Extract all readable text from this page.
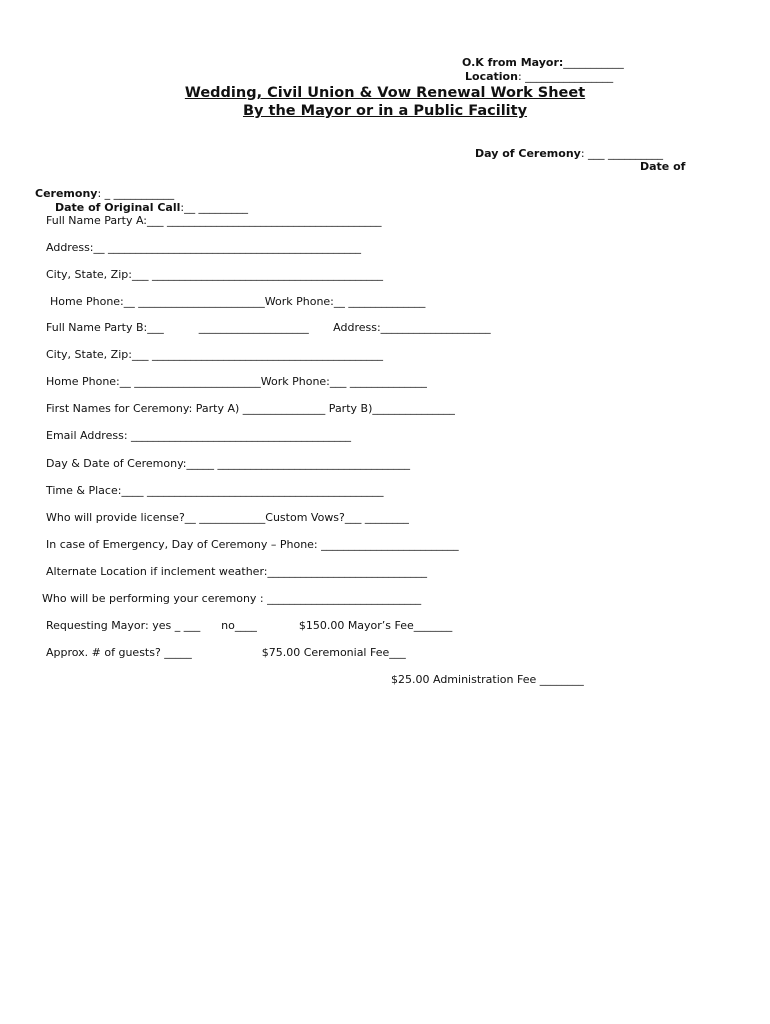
O.K from Mayor:___________

Location: ________________

Wedding, Civil Union & Vow Renewal Work Sheet
By the Mayor or in a Public Facility

Day of Ceremony: ___ __________

Date of

Ceremony: _ ___________

Date of Original Call:__ _________

Full Name Party A:___ _______________________________________
Address:__ ______________________________________________
City, State, Zip:___ __________________________________________
Home Phone:__ _______________________Work Phone:__ ______________
Full Name Party B:___          ____________________       Address:____________________
City, State, Zip:___ __________________________________________
Home Phone:__ _______________________Work Phone:___ ______________
First Names for Ceremony: Party A) _______________ Party B)_______________
Email Address: ________________________________________
Day & Date of Ceremony:_____ ___________________________________
Time & Place:____ ___________________________________________
Who will provide license?__ ____________Custom Vows?___ ________
In case of Emergency, Day of Ceremony – Phone: _________________________
Alternate Location if inclement weather:_____________________________
Who will be performing your ceremony : ____________________________
Requesting Mayor: yes _ ___      no____            $150.00 Mayor’s Fee_______
Approx. # of guests? _____                    $75.00 Ceremonial Fee___
$25.00 Administration Fee ________
